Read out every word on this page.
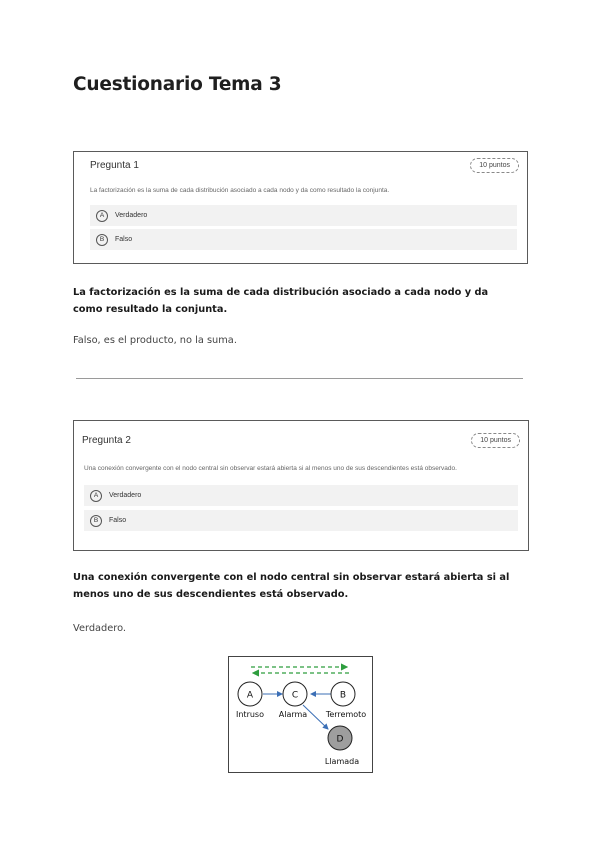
Cuestionario Tema 3
Pregunta 1	10 puntos
La factorización es la suma de cada distribución asociado a cada nodo y da como resultado la conjunta.
A	Verdadero
B	Falso
La factorización es la suma de cada distribución asociado a cada nodo y da como resultado la conjunta.
Falso, es el producto, no la suma.
Pregunta 2	10 puntos
Una conexión convergente con el nodo central sin observar estará abierta si al menos uno de sus descendientes está observado.
A	Verdadero
B	Falso
Una conexión convergente con el nodo central sin observar estará abierta si al menos uno de sus descendientes está observado.
Verdadero.
A	C	B
D
Intruso Alarma Terremoto
Llamada
